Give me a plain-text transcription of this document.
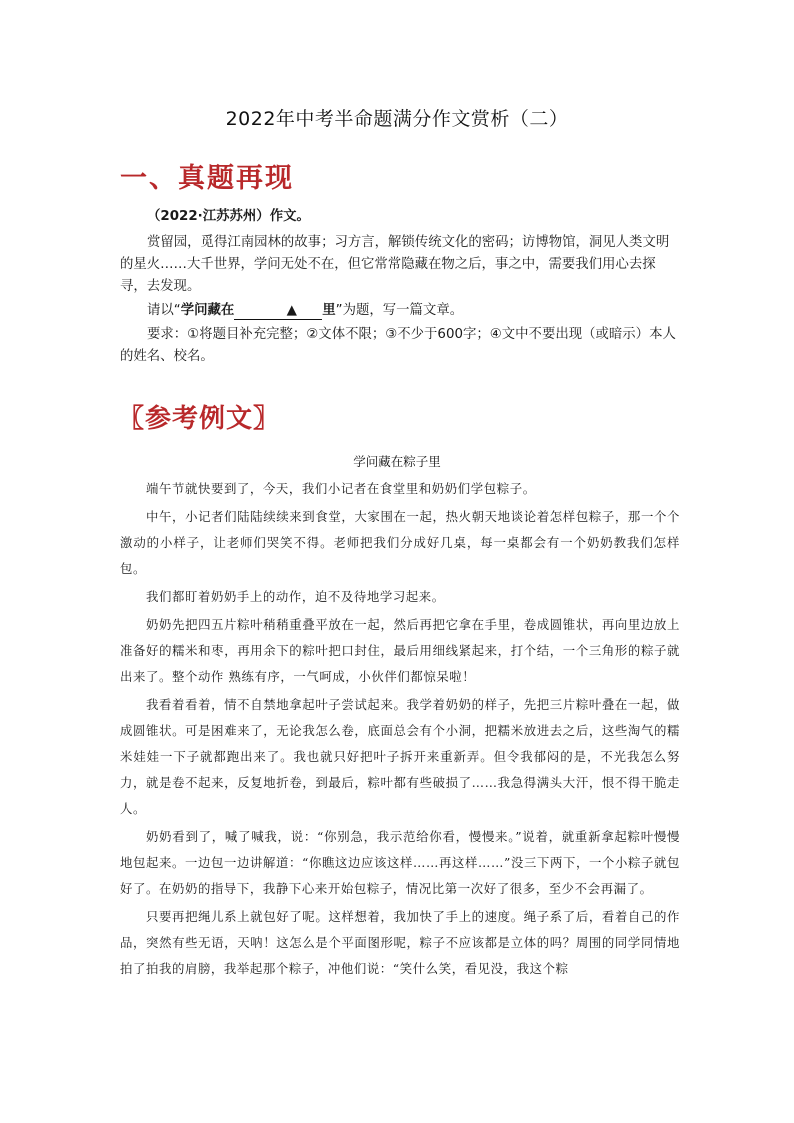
2022年中考半命题满分作文赏析（二）
一、真题再现

（2022·江苏苏州）作文。

赏留园，觅得江南园林的故事；习方言，解锁传统文化的密码；访博物馆，洞见人类文明的星火……大千世界，学问无处不在，但它常常隐藏在物之后，事之中，需要我们用心去探寻，去发现。

请以“学问藏在	▲ 里”为题，写一篇文章。

要求：①将题目补充完整；②文体不限；③不少于600字；④文中不要出现（或暗示）本人的姓名、校名。

〖参考例文〗
学问藏在粽子里

端午节就快要到了，今天，我们小记者在食堂里和奶奶们学包粽子。

中午，小记者们陆陆续续来到食堂，大家围在一起，热火朝天地谈论着怎样包粽子，那一个个激动的小样子，让老师们哭笑不得。老师把我们分成好几桌，每一桌都会有一个奶奶教我们怎样包。

我们都盯着奶奶手上的动作，迫不及待地学习起来。

奶奶先把四五片粽叶稍稍重叠平放在一起，然后再把它拿在手里，卷成圆锥状，再向里边放上准备好的糯米和枣，再用余下的粽叶把口封住，最后用细线紧起来，打个结，一个三角形的粽子就出来了。整个动作 熟练有序，一气呵成，小伙伴们都惊呆啦！

我看着看着，情不自禁地拿起叶子尝试起来。我学着奶奶的样子，先把三片粽叶叠在一起，做成圆锥状。可是困难来了，无论我怎么卷，底面总会有个小洞，把糯米放进去之后，这些淘气的糯米娃娃一下子就都跑出来了。我也就只好把叶子拆开来重新弄。但令我郁闷的是，不光我怎么努力，就是卷不起来，反复地折卷，到最后，粽叶都有些破损了……我急得满头大汗，恨不得干脆走人。

奶奶看到了，喊了喊我，说：“你别急，我示范给你看，慢慢来。”说着，就重新拿起粽叶慢慢地包起来。一边包一边讲解道：“你瞧这边应该这样……再这样……”没三下两下，一个小粽子就包好了。在奶奶的指导下，我静下心来开始包粽子，情况比第一次好了很多，至少不会再漏了。

只要再把绳儿系上就包好了呢。这样想着，我加快了手上的速度。绳子系了后，看着自己的作品，突然有些无语，天呐！这怎么是个平面图形呢，粽子不应该都是立体的吗？周围的同学同情地拍了拍我的肩膀，我举起那个粽子，冲他们说：“笑什么笑，看见没，我这个粽
